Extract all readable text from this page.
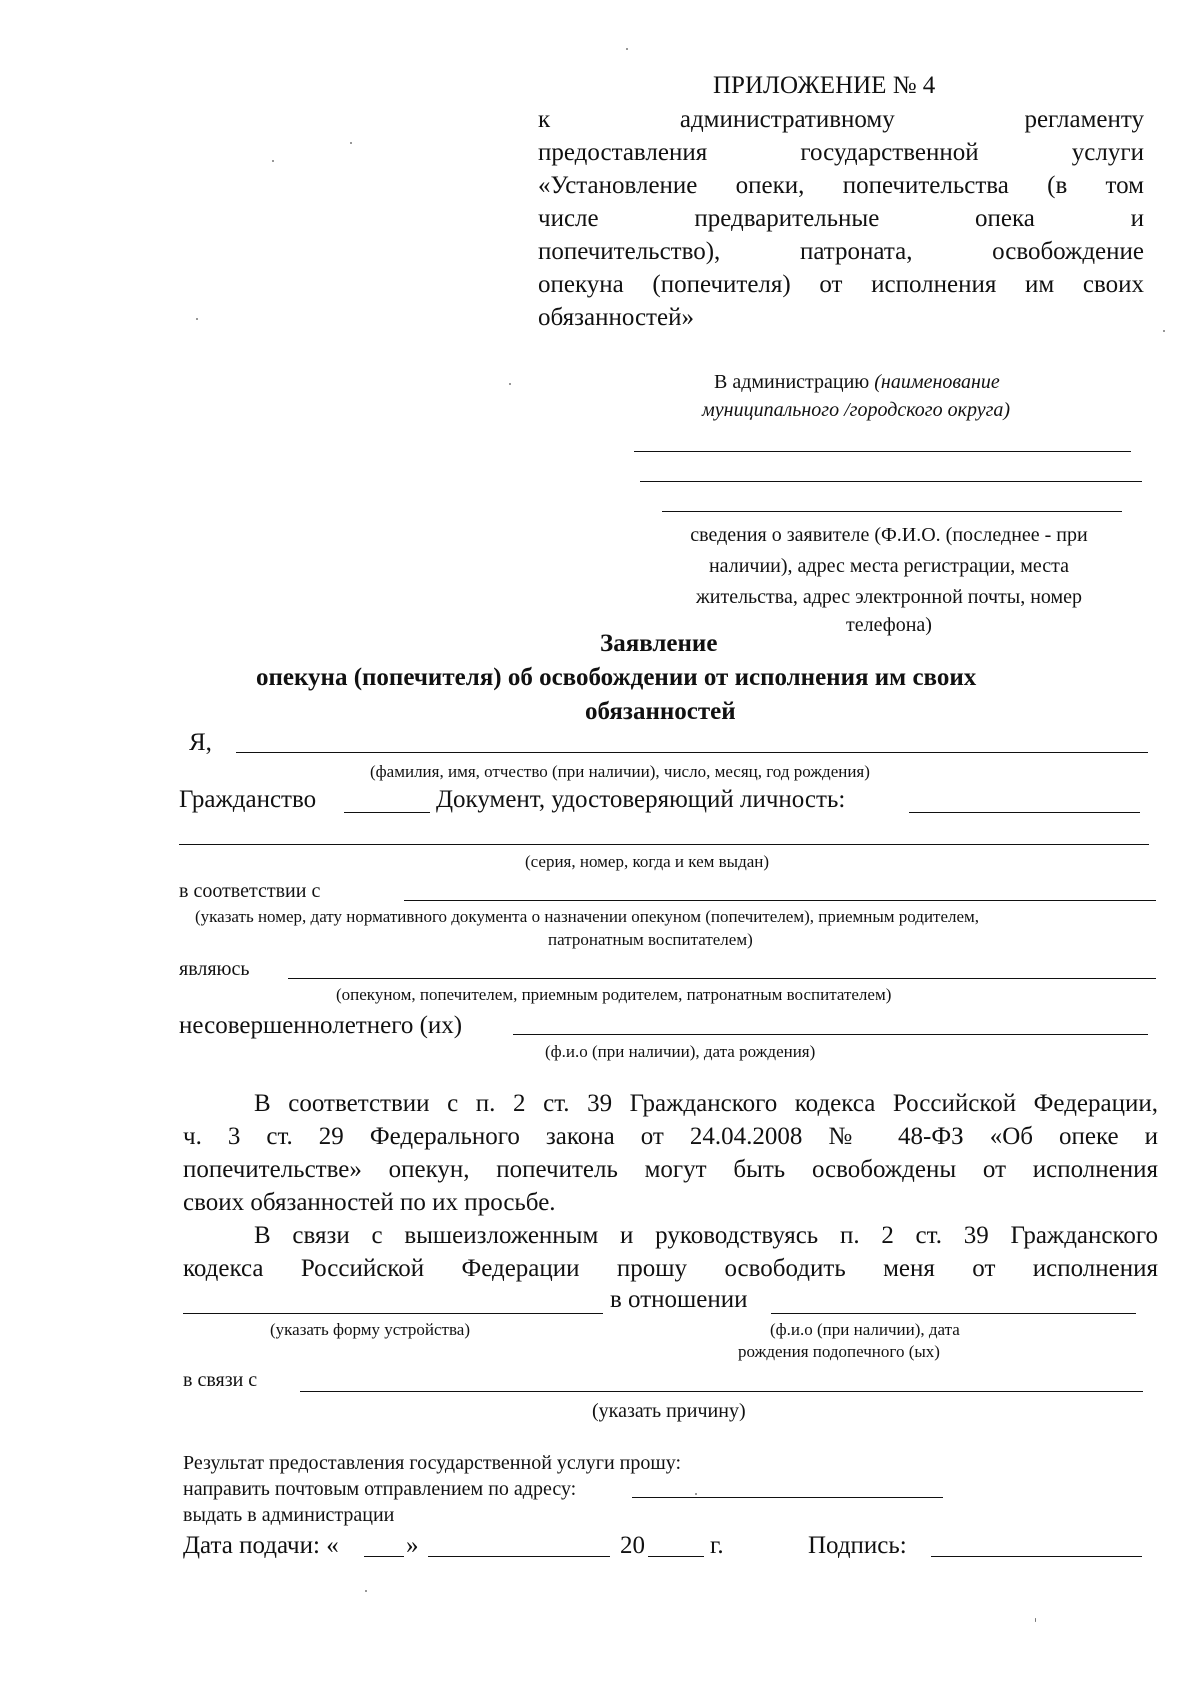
ПРИЛОЖЕНИЕ № 4
к административному регламенту
предоставления государственной услуги
«Установление опеки, попечительства (в том
числе предварительные опека и
попечительство), патроната, освобождение
опекуна (попечителя) от исполнения им своих
обязанностей»
В администрацию (наименование
муниципального /городского округа)
сведения о заявителе (Ф.И.О. (последнее - при
наличии), адрес места регистрации, места
жительства, адрес электронной почты, номер
телефона)
Заявление
опекуна (попечителя) об освобождении от исполнения им своих
обязанностей
Я,
(фамилия, имя, отчество (при наличии), число, месяц, год рождения)
Гражданство	Документ, удостоверяющий личность:
(серия, номер, когда и кем выдан)
в соответствии с
(указать номер, дату нормативного документа о назначении опекуном (попечителем), приемным родителем,
патронатным воспитателем)
являюсь
(опекуном, попечителем, приемным родителем, патронатным воспитателем)
несовершеннолетнего (их)
(ф.и.о (при наличии), дата рождения)
В соответствии с п. 2 ст. 39 Гражданского кодекса Российской Федерации,
ч. 3 ст. 29 Федерального закона от 24.04.2008 № 48-ФЗ «Об опеке и
попечительстве» опекун, попечитель могут быть освобождены от исполнения
своих обязанностей по их просьбе.
В связи с вышеизложенным и руководствуясь п. 2 ст. 39 Гражданского
кодекса Российской Федерации прошу освободить меня от исполнения
в отношении
(указать форму устройства)	(ф.и.о (при наличии), дата
рождения подопечного (ых)
в связи с
(указать причину)
Результат предоставления государственной услуги прошу:
направить почтовым отправлением по адресу:
выдать в администрации
Дата подачи: «	»	20	г.	Подпись:
